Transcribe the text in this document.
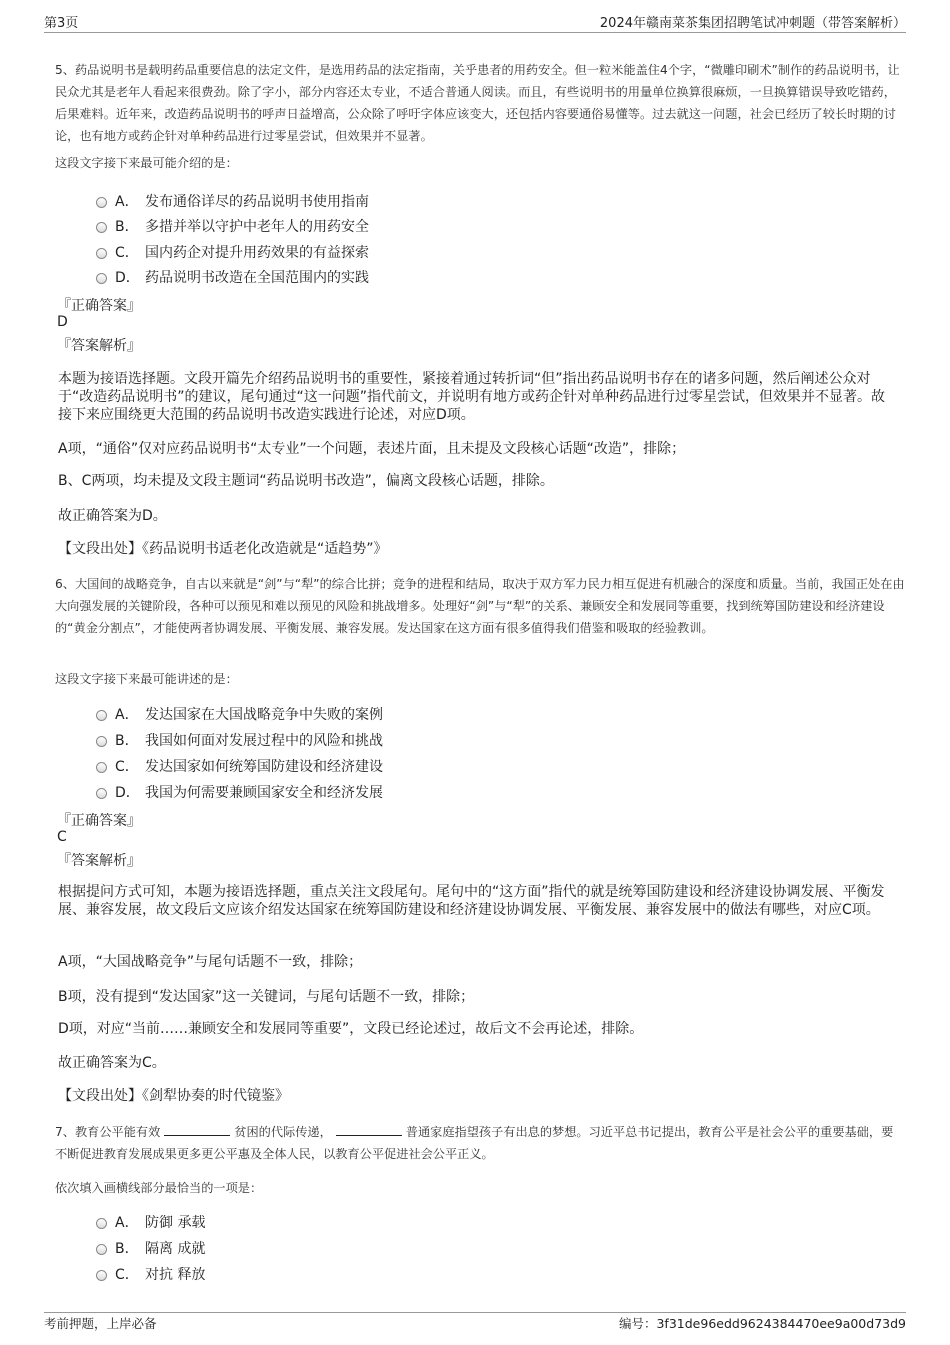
第3页	2024年赣南菜茶集团招聘笔试冲刺题（带答案解析）
5、药品说明书是载明药品重要信息的法定文件，是选用药品的法定指南，关乎患者的用药安全。但一粒米能盖住4个字，“微雕印刷术”制作的药品说明书，让民众尤其是老年人看起来很费劲。除了字小，部分内容还太专业，不适合普通人阅读。而且，有些说明书的用量单位换算很麻烦，一旦换算错误导致吃错药，后果难料。近年来，改造药品说明书的呼声日益增高，公众除了呼吁字体应该变大，还包括内容要通俗易懂等。过去就这一问题，社会已经历了较长时期的讨论，也有地方或药企针对单种药品进行过零星尝试，但效果并不显著。
这段文字接下来最可能介绍的是：
A． 发布通俗详尽的药品说明书使用指南
B． 多措并举以守护中老年人的用药安全
C． 国内药企对提升用药效果的有益探索
D． 药品说明书改造在全国范围内的实践
『正确答案』
D
『答案解析』
本题为接语选择题。文段开篇先介绍药品说明书的重要性，紧接着通过转折词“但”指出药品说明书存在的诸多问题，然后阐述公众对于“改造药品说明书”的建议，尾句通过“这一问题”指代前文，并说明有地方或药企针对单种药品进行过零星尝试，但效果并不显著。故接下来应围绕更大范围的药品说明书改造实践进行论述，对应D项。
A项，“通俗”仅对应药品说明书“太专业”一个问题，表述片面，且未提及文段核心话题“改造”，排除；
B、C两项，均未提及文段主题词“药品说明书改造”，偏离文段核心话题，排除。
故正确答案为D。
【文段出处】《药品说明书适老化改造就是“适趋势”》
6、大国间的战略竞争，自古以来就是“剑”与“犁”的综合比拼；竞争的进程和结局，取决于双方军力民力相互促进有机融合的深度和质量。当前，我国正处在由大向强发展的关键阶段，各种可以预见和难以预见的风险和挑战增多。处理好“剑”与“犁”的关系、兼顾安全和发展同等重要，找到统筹国防建设和经济建设的“黄金分割点”，才能使两者协调发展、平衡发展、兼容发展。发达国家在这方面有很多值得我们借鉴和吸取的经验教训。
这段文字接下来最可能讲述的是：
A． 发达国家在大国战略竞争中失败的案例
B． 我国如何面对发展过程中的风险和挑战
C． 发达国家如何统筹国防建设和经济建设
D． 我国为何需要兼顾国家安全和经济发展
『正确答案』
C
『答案解析』
根据提问方式可知，本题为接语选择题，重点关注文段尾句。尾句中的“这方面”指代的就是统筹国防建设和经济建设协调发展、平衡发展、兼容发展，故文段后文应该介绍发达国家在统筹国防建设和经济建设协调发展、平衡发展、兼容发展中的做法有哪些，对应C项。
A项，“大国战略竞争”与尾句话题不一致，排除；
B项，没有提到“发达国家”这一关键词，与尾句话题不一致，排除；
D项，对应“当前……兼顾安全和发展同等重要”，文段已经论述过，故后文不会再论述，排除。
故正确答案为C。
【文段出处】《剑犁协奏的时代镜鉴》
7、教育公平能有效	贫困的代际传递，	普通家庭指望孩子有出息的梦想。习近平总书记提出，教育公平是社会公平的重要基础，要不断促进教育发展成果更多更公平惠及全体人民，以教育公平促进社会公平正义。
依次填入画横线部分最恰当的一项是：
A． 防御 承载
B． 隔离 成就
C． 对抗 释放
考前押题，上岸必备	编号：3f31de96edd9624384470ee9a00d73d9
